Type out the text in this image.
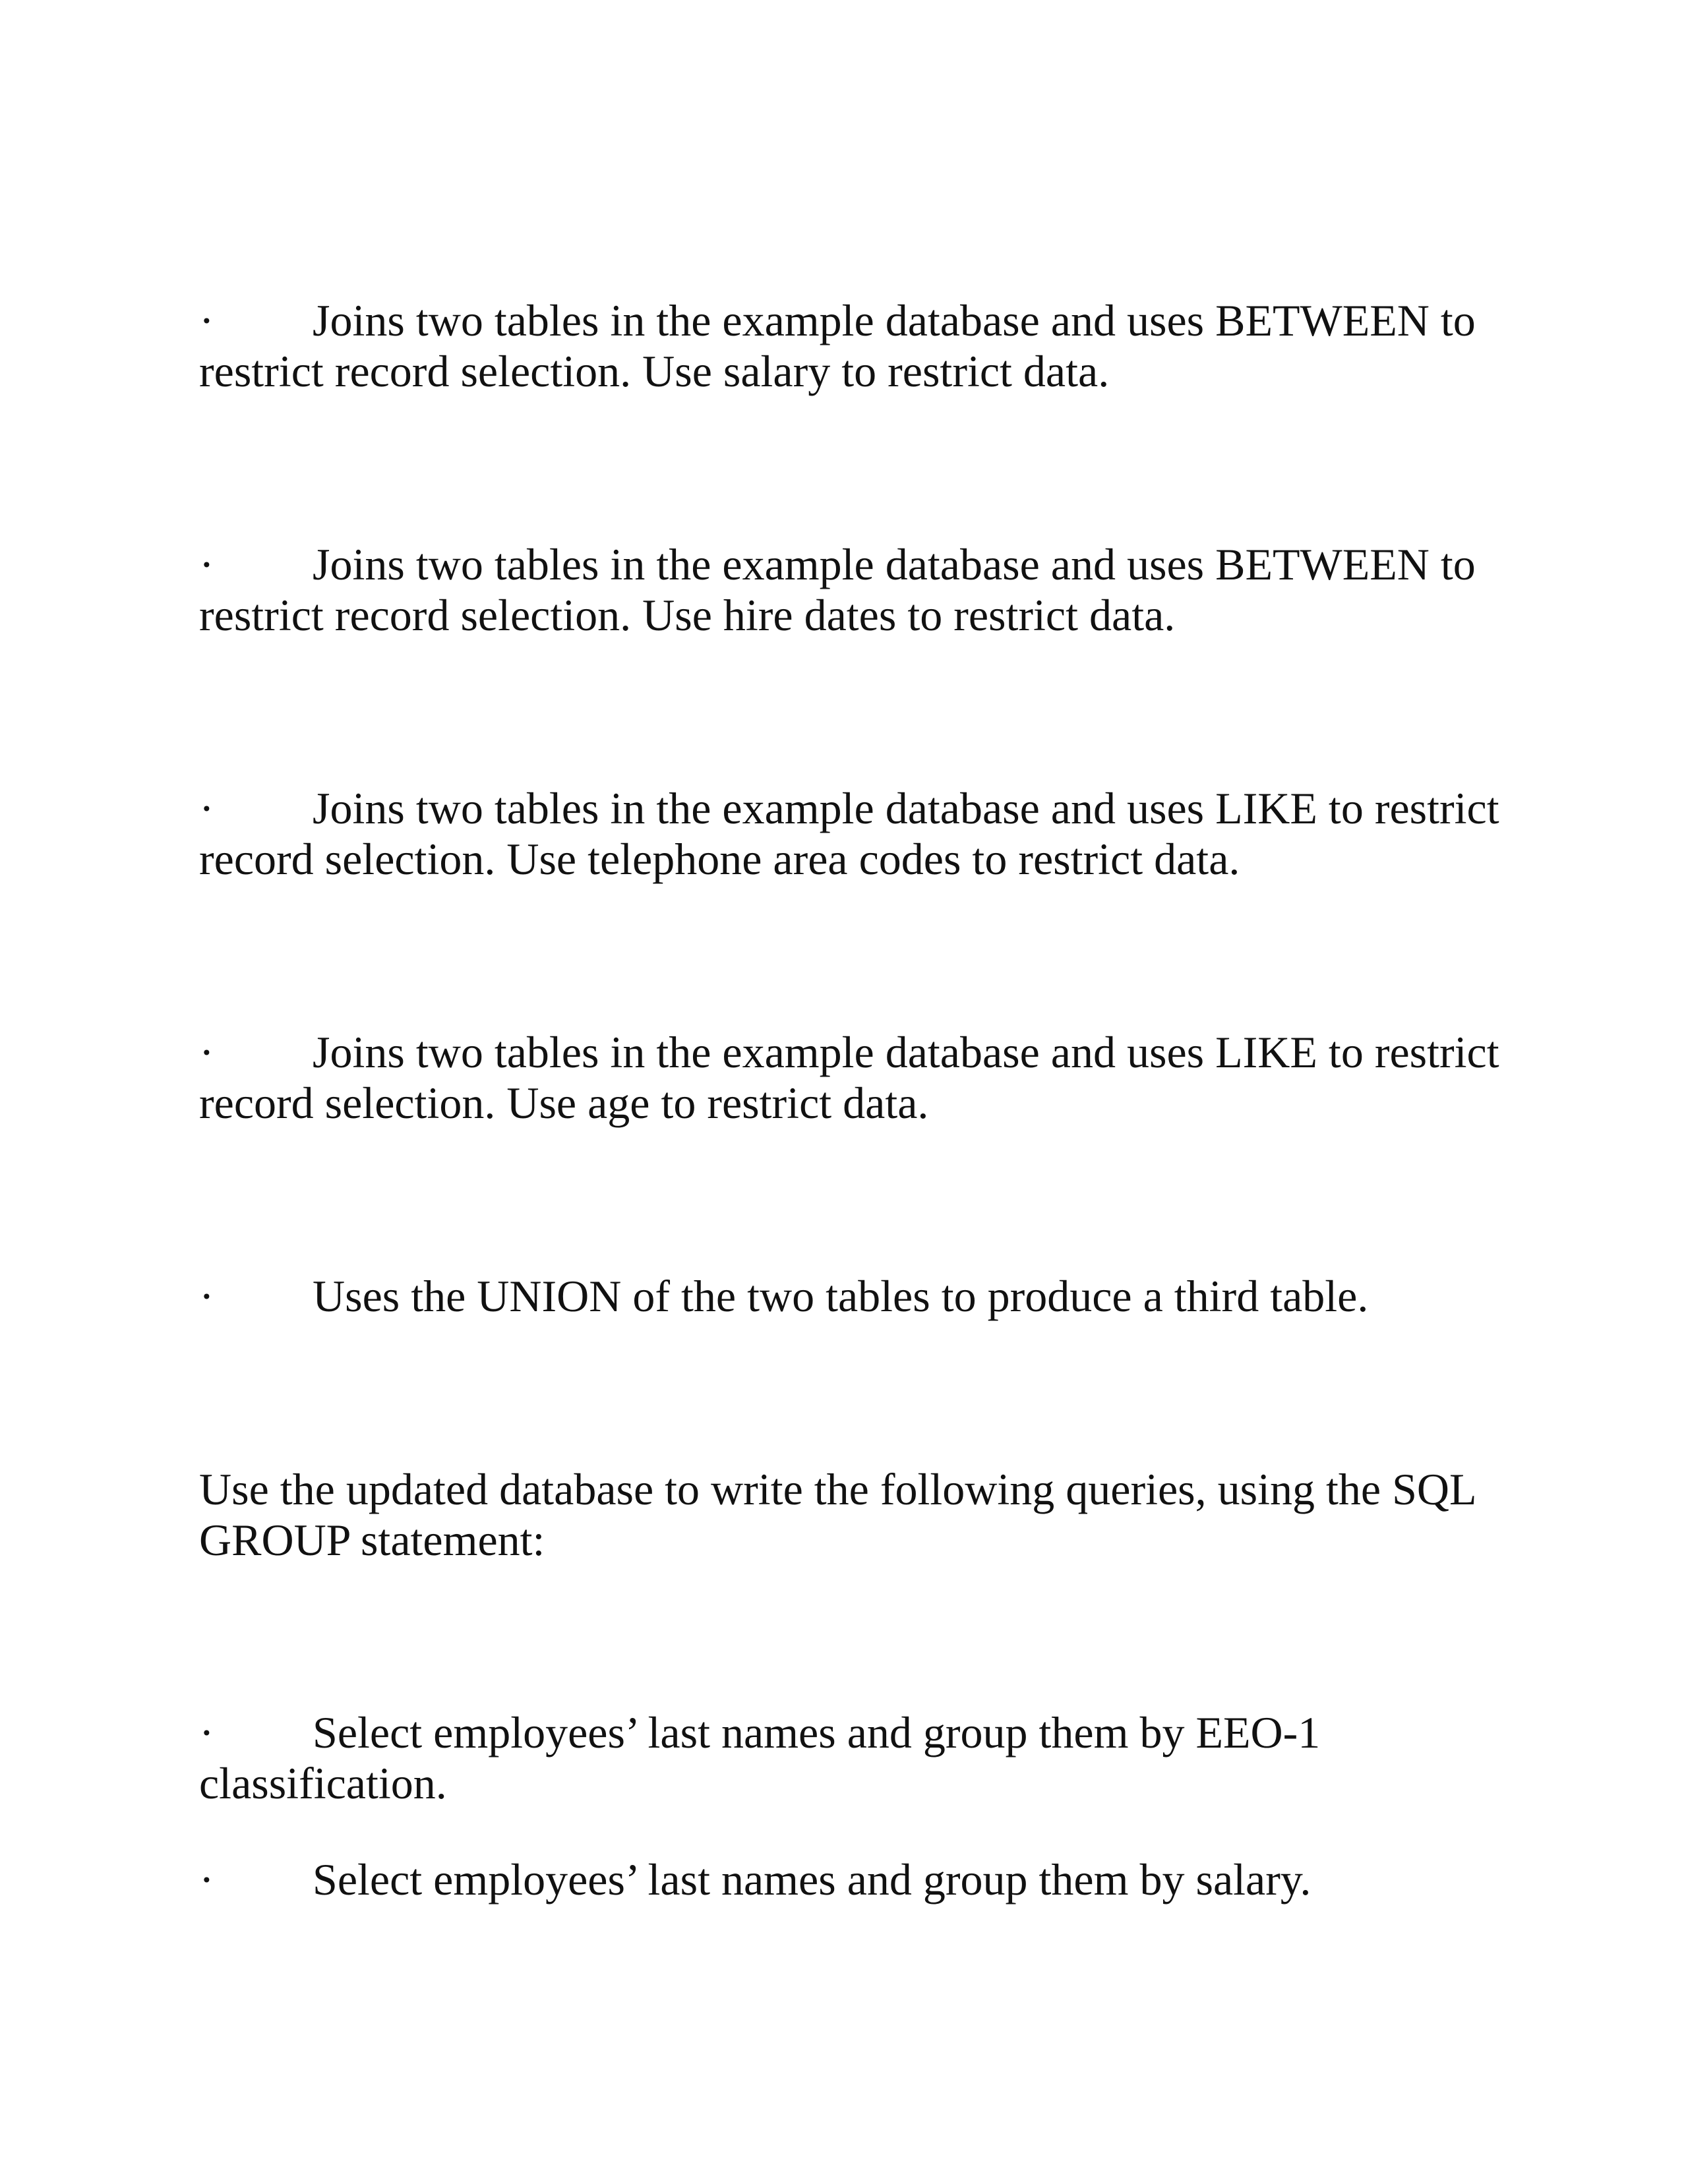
· Joins two tables in the example database and uses BETWEEN to restrict record selection. Use salary to restrict data.

· Joins two tables in the example database and uses BETWEEN to restrict record selection. Use hire dates to restrict data.

· Joins two tables in the example database and uses LIKE to restrict record selection. Use telephone area codes to restrict data.

· Joins two tables in the example database and uses LIKE to restrict record selection. Use age to restrict data.

· Uses the UNION of the two tables to produce a third table.

Use the updated database to write the following queries, using the SQL GROUP statement:

· Select employees’ last names and group them by EEO-1 classification.

· Select employees’ last names and group them by salary.
